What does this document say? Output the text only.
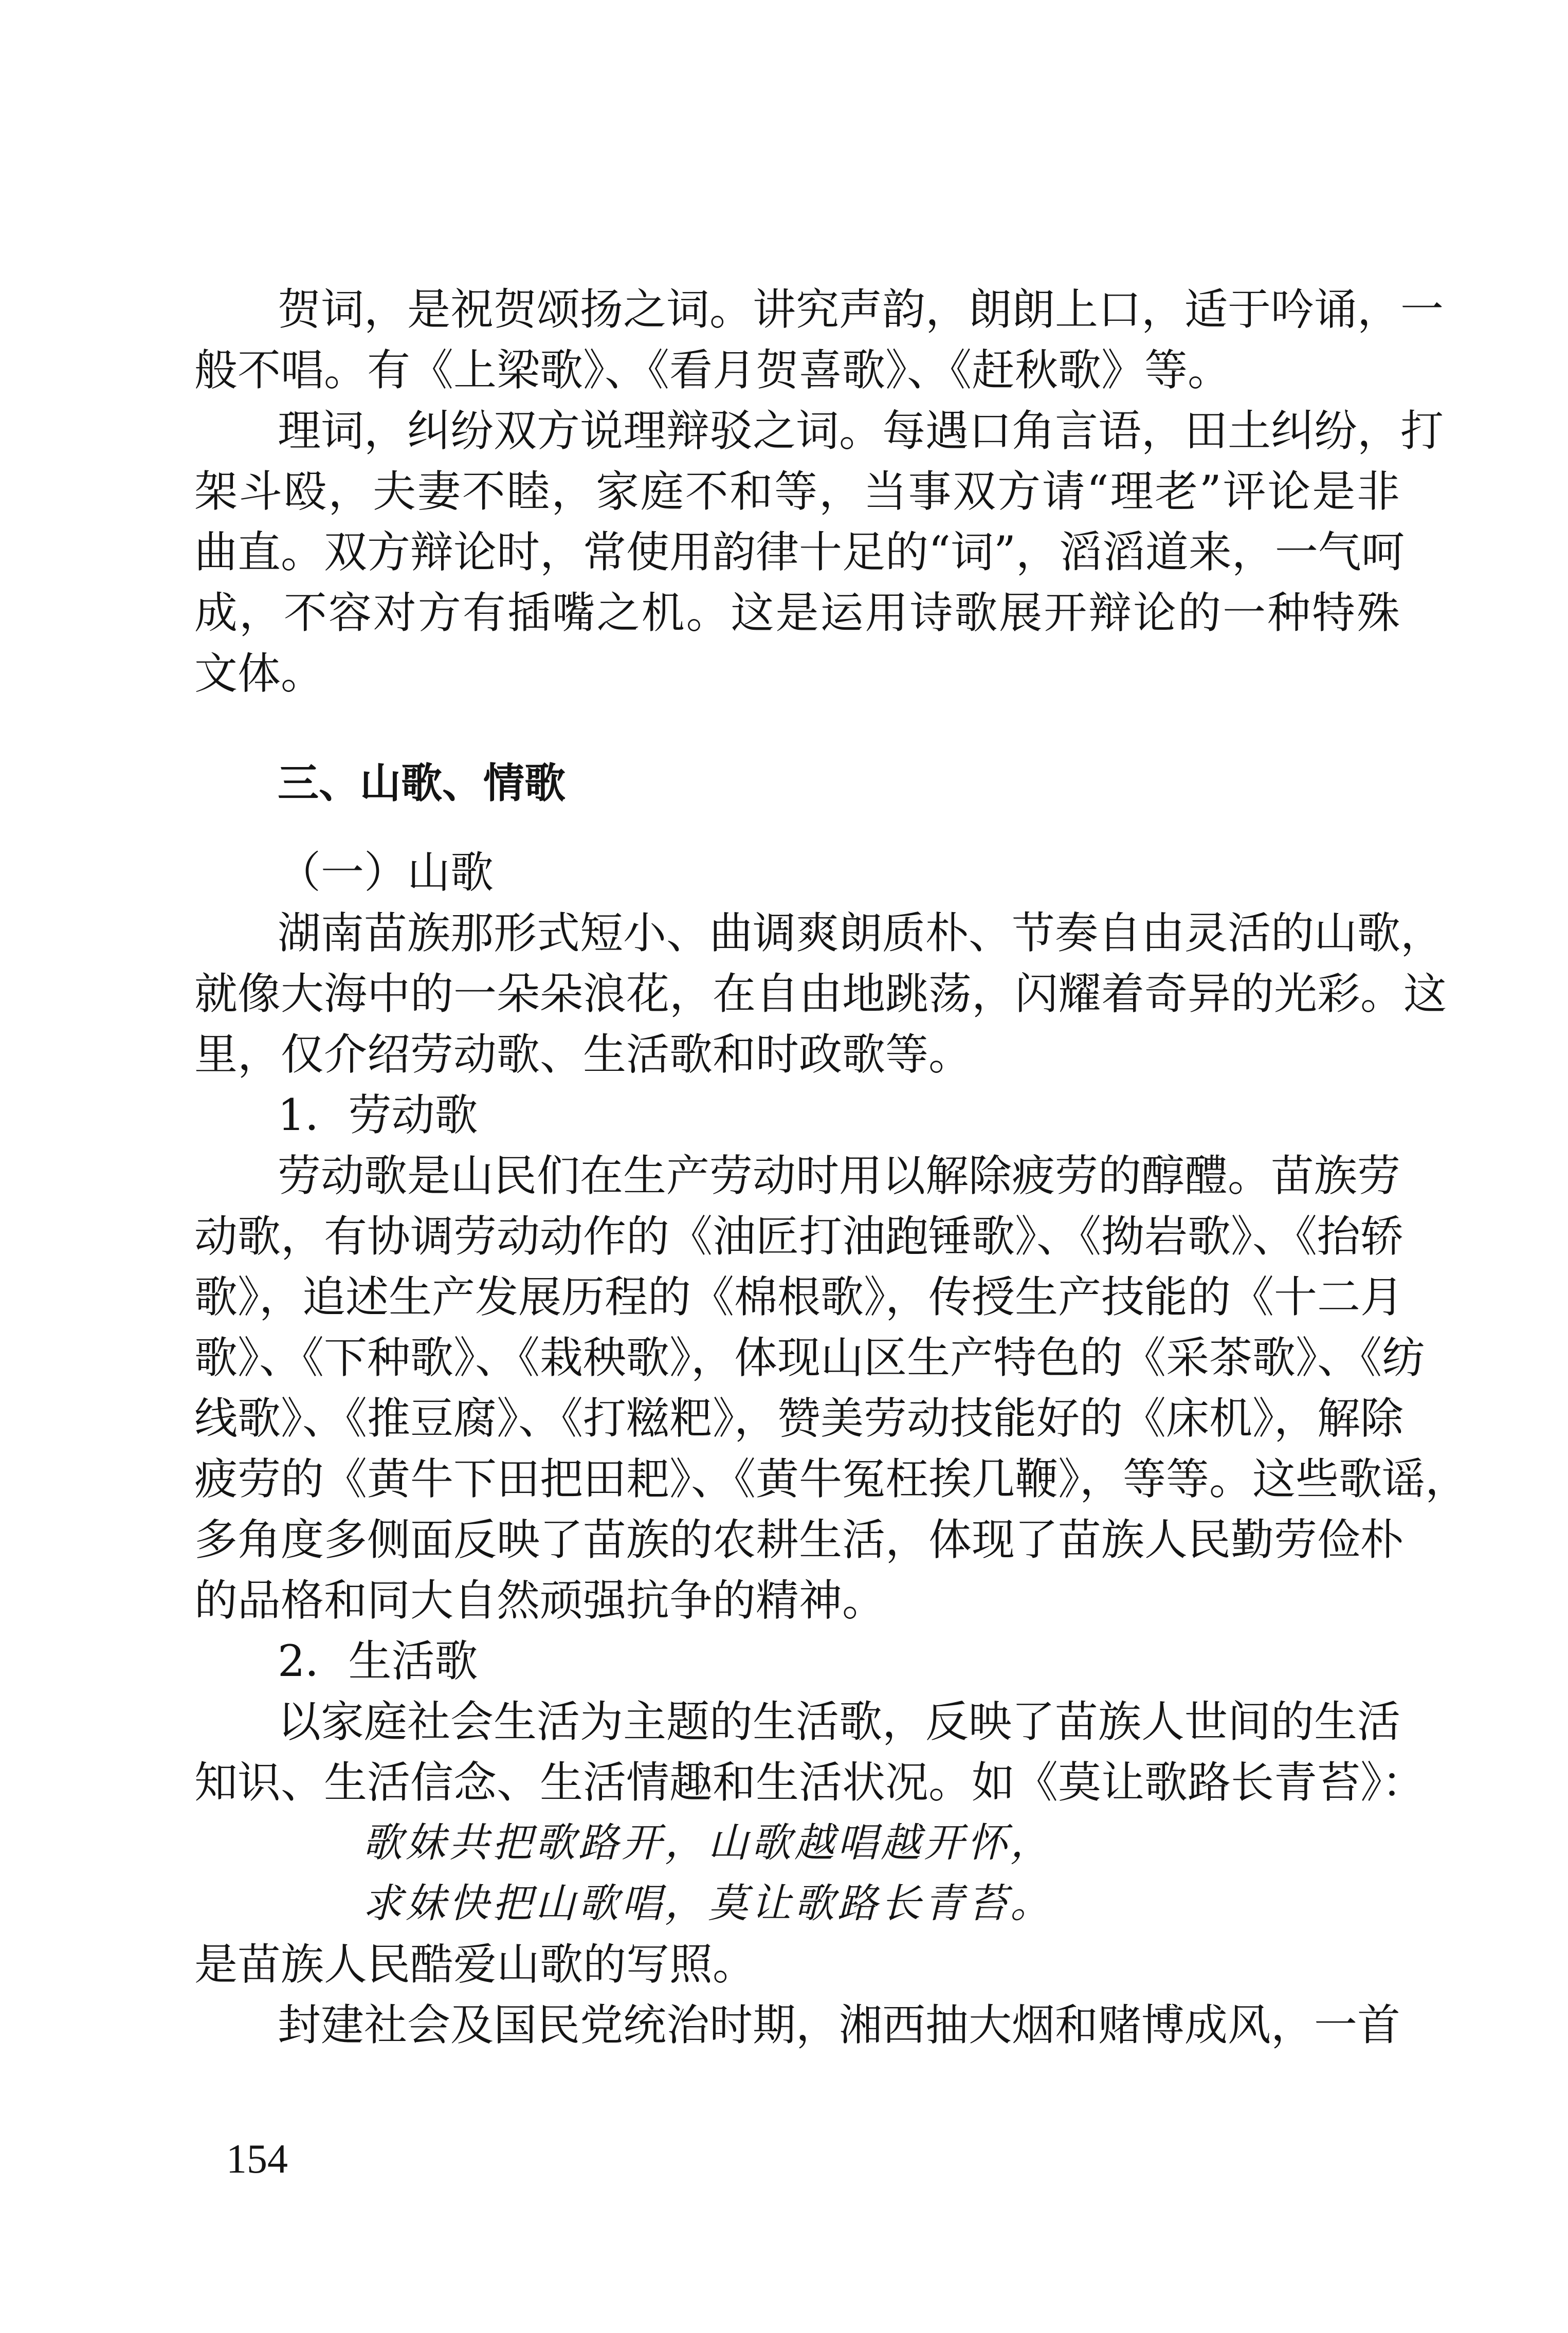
贺词，是祝贺颂扬之词。讲究声韵，朗朗上口，适于吟诵，一
般不唱。有《上梁歌》、《看月贺喜歌》、《赶秋歌》等。
理词，纠纷双方说理辩驳之词。每遇口角言语，田土纠纷，打
架斗殴，夫妻不睦，家庭不和等，当事双方请“理老”评论是非
曲直。双方辩论时，常使用韵律十足的“词”，滔滔道来，一气呵
成，不容对方有插嘴之机。这是运用诗歌展开辩论的一种特殊
文体。
三、山歌、情歌
（一）山歌
湖南苗族那形式短小、曲调爽朗质朴、节奏自由灵活的山歌，
就像大海中的一朵朵浪花，在自由地跳荡，闪耀着奇异的光彩。这
里，仅介绍劳动歌、生活歌和时政歌等。
1．劳动歌
劳动歌是山民们在生产劳动时用以解除疲劳的醇醴。苗族劳
动歌，有协调劳动动作的《油匠打油跑锤歌》、《拗岩歌》、《抬轿
歌》，追述生产发展历程的《棉根歌》，传授生产技能的《十二月
歌》、《下种歌》、《栽秧歌》，体现山区生产特色的《采茶歌》、《纺
线歌》、《推豆腐》、《打糍粑》，赞美劳动技能好的《床机》，解除
疲劳的《黄牛下田把田耙》、《黄牛冤枉挨几鞭》，等等。这些歌谣，
多角度多侧面反映了苗族的农耕生活，体现了苗族人民勤劳俭朴
的品格和同大自然顽强抗争的精神。
2．生活歌
以家庭社会生活为主题的生活歌，反映了苗族人世间的生活
知识、生活信念、生活情趣和生活状况。如《莫让歌路长青苔》：
歌妹共把歌路开，山歌越唱越开怀，
求妹快把山歌唱，莫让歌路长青苔。
是苗族人民酷爱山歌的写照。
封建社会及国民党统治时期，湘西抽大烟和赌博成风，一首
154
